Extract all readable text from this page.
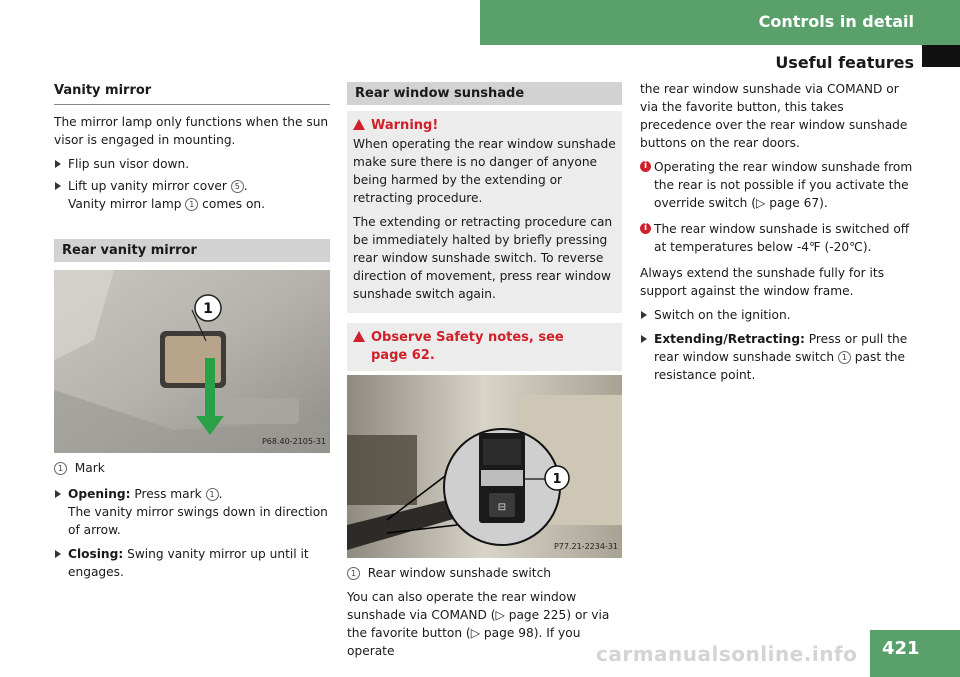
Controls in detail
Useful features
Vanity mirror

The mirror lamp only functions when the sun visor is engaged in mounting.

Flip sun visor down.
Lift up vanity mirror cover 5 .
Vanity mirror lamp 1 comes on.
Rear vanity mirror
1
P68.40-2105-31

1 Mark

Opening: Press mark 1 .
The vanity mirror swings down in direction of arrow.
Closing: Swing vanity mirror up until it engages.
Rear window sunshade
Warning!

When operating the rear window sunshade make sure there is no danger of anyone being harmed by the extending or retracting procedure.

The extending or retracting procedure can be immediately halted by briefly pressing rear window sunshade switch. To reverse direction of movement, press rear window sunshade switch again.

Observe Safety notes, see
page 62.
⊟
1
P77.21-2234-31

1 Rear window sunshade switch

You can also operate the rear window sunshade via COMAND (▷ page 225) or via the favorite button (▷ page 98). If you operate

the rear window sunshade via COMAND or via the favorite button, this takes precedence over the rear window sunshade buttons on the rear doors.

i Operating the rear window sunshade from the rear is not possible if you activate the override switch (▷ page 67).
i The rear window sunshade is switched off at temperatures below -4℉ (-20℃).

Always extend the sunshade fully for its support against the window frame.

Switch on the ignition.
Extending/Retracting: Press or pull the rear window sunshade switch 1 past the resistance point.
carmanualsonline.info 421
